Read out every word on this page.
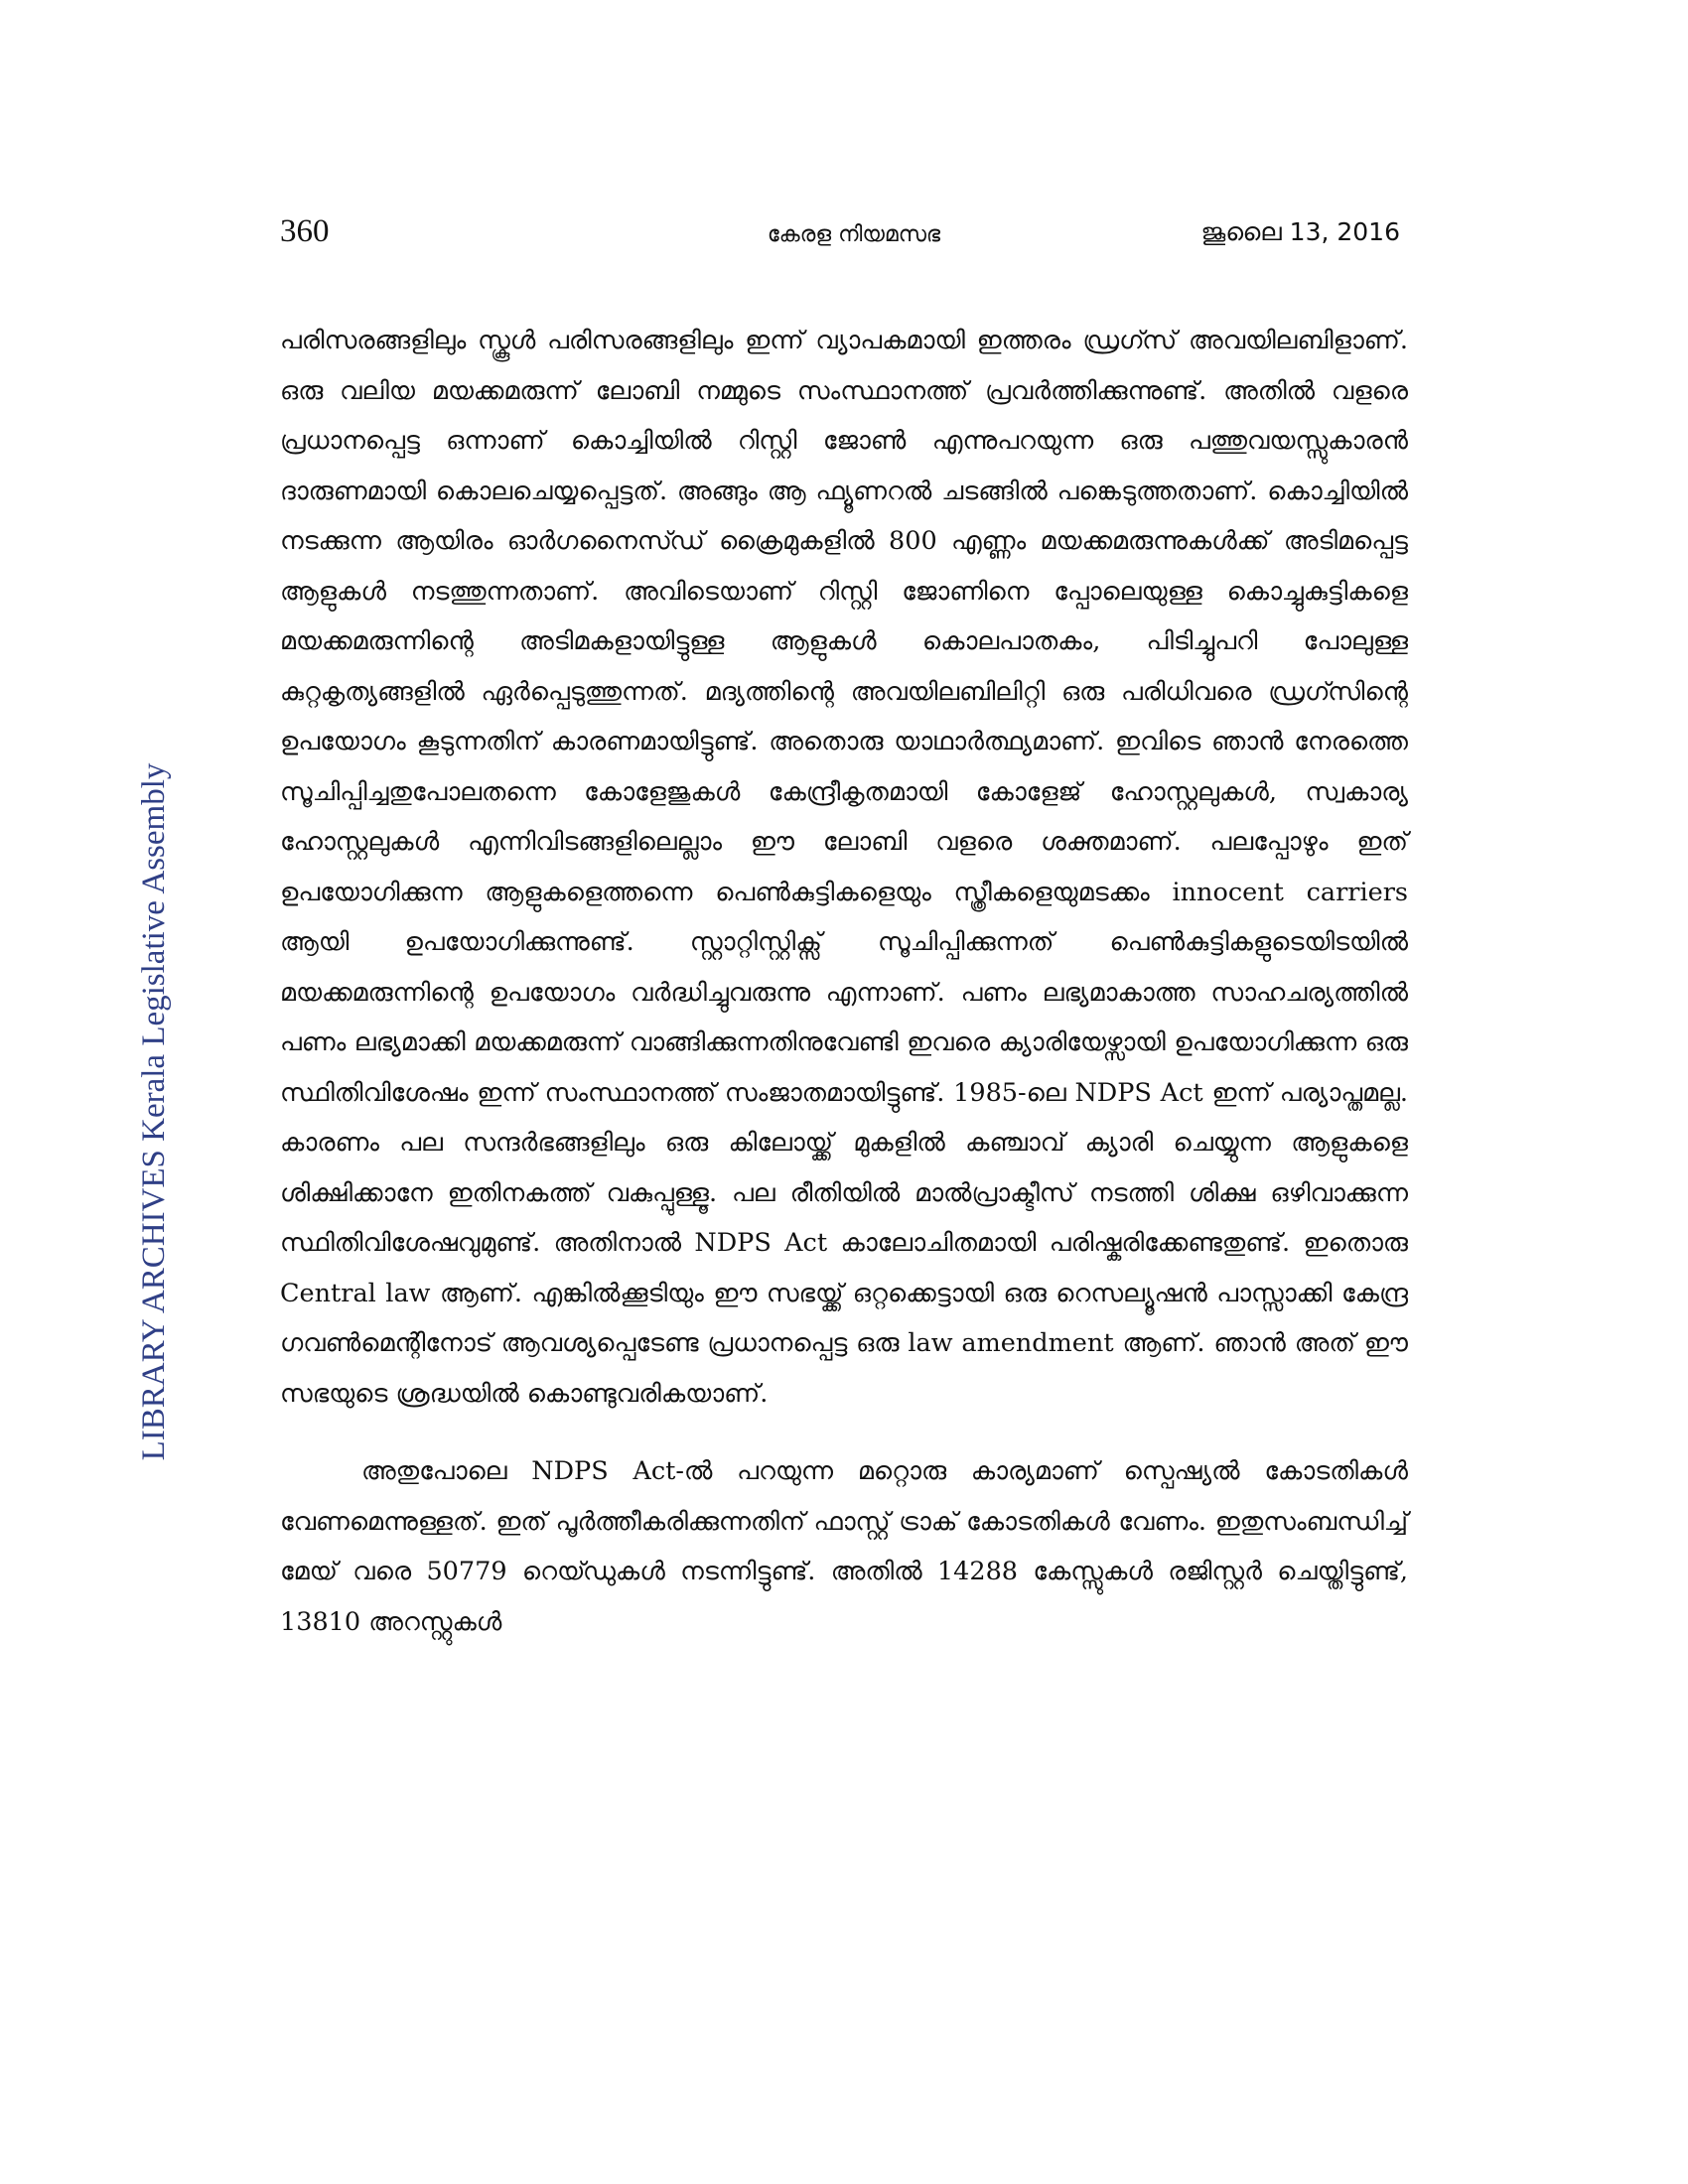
360	കേരള നിയമസഭ	ജൂലൈ 13, 2016
LIBRARY ARCHIVES Kerala Legislative Assembly

പരിസരങ്ങളിലും സ്കൂൾ പരിസരങ്ങളിലും ഇന്ന് വ്യാപകമായി ഇത്തരം ഡ്രഗ്സ് അവയിലബിളാണ്. ഒരു വലിയ മയക്കമരുന്ന് ലോബി നമ്മുടെ സംസ്ഥാനത്ത് പ്രവർത്തിക്കുന്നുണ്ട്. അതിൽ വളരെ പ്രധാനപ്പെട്ട ഒന്നാണ് കൊച്ചിയിൽ റിസ്റ്റി ജോൺ എന്നുപറയുന്ന ഒരു പത്തുവയസ്സുകാരൻ ദാരുണമായി കൊലചെയ്യപ്പെട്ടത്. അങ്ങും ആ ഫ്യൂണറൽ ചടങ്ങിൽ പങ്കെടുത്തതാണ്. കൊച്ചിയിൽ നടക്കുന്ന ആയിരം ഓർഗനൈസ്ഡ് ക്രൈമുകളിൽ 800 എണ്ണം മയക്കമരുന്നുകൾക്ക് അടിമപ്പെട്ട ആളുകൾ നടത്തുന്നതാണ്. അവിടെയാണ് റിസ്റ്റി ജോണിനെ പ്പോലെയുള്ള കൊച്ചുകുട്ടികളെ മയക്കമരുന്നിന്റെ അടിമകളായിട്ടുള്ള ആളുകൾ കൊലപാതകം, പിടിച്ചുപറി പോലുള്ള കുറ്റകൃത്യങ്ങളിൽ ഏർപ്പെടുത്തുന്നത്. മദ്യത്തിന്റെ അവയിലബിലിറ്റി ഒരു പരിധിവരെ ഡ്രഗ്സിന്റെ ഉപയോഗം കൂടുന്നതിന് കാരണമായിട്ടുണ്ട്. അതൊരു യാഥാർത്ഥ്യമാണ്. ഇവിടെ ഞാൻ നേരത്തെ സൂചിപ്പിച്ചതുപോലതന്നെ കോളേജുകൾ കേന്ദ്രീകൃതമായി കോളേജ് ഹോസ്റ്റലുകൾ, സ്വകാര്യ ഹോസ്റ്റലുകൾ എന്നിവിടങ്ങളിലെല്ലാം ഈ ലോബി വളരെ ശക്തമാണ്. പലപ്പോഴും ഇത് ഉപയോഗിക്കുന്ന ആളുകളെത്തന്നെ പെൺകുട്ടികളെയും സ്ത്രീകളെയുമടക്കം innocent carriers ആയി ഉപയോഗിക്കുന്നുണ്ട്. സ്റ്റാറ്റിസ്റ്റിക്സ് സൂചിപ്പിക്കുന്നത് പെൺകുട്ടികളുടെയിടയിൽ മയക്കമരുന്നിന്റെ ഉപയോഗം വർദ്ധിച്ചുവരുന്നു എന്നാണ്. പണം ലഭ്യമാകാത്ത സാഹചര്യത്തിൽ പണം ലഭ്യമാക്കി മയക്കമരുന്ന് വാങ്ങിക്കുന്നതിനുവേണ്ടി ഇവരെ ക്യാരിയേഴ്സായി ഉപയോഗിക്കുന്ന ഒരു സ്ഥിതിവിശേഷം ഇന്ന് സംസ്ഥാനത്ത് സംജാതമായിട്ടുണ്ട്. 1985-ലെ NDPS Act ഇന്ന് പര്യാപ്തമല്ല. കാരണം പല സന്ദർഭങ്ങളിലും ഒരു കിലോയ്ക്ക് മുകളിൽ കഞ്ചാവ് ക്യാരി ചെയ്യുന്ന ആളുകളെ ശിക്ഷിക്കാനേ ഇതിനകത്ത് വകുപ്പുള്ളൂ. പല രീതിയിൽ മാൽപ്രാക്ടീസ് നടത്തി ശിക്ഷ ഒഴിവാക്കുന്ന സ്ഥിതിവിശേഷവുമുണ്ട്. അതിനാൽ NDPS Act കാലോചിതമായി പരിഷ്കരിക്കേണ്ടതുണ്ട്. ഇതൊരു Central law ആണ്. എങ്കിൽക്കൂടിയും ഈ സഭയ്ക്ക് ഒറ്റക്കെട്ടായി ഒരു റെസല്യൂഷൻ പാസ്സാക്കി കേന്ദ്ര ഗവൺമെന്റിനോട് ആവശ്യപ്പെടേണ്ട പ്രധാനപ്പെട്ട ഒരു law amendment ആണ്. ഞാൻ അത് ഈ സഭയുടെ ശ്രദ്ധയിൽ കൊണ്ടുവരികയാണ്.

അതുപോലെ NDPS Act-ൽ പറയുന്ന മറ്റൊരു കാര്യമാണ് സ്പെഷ്യൽ കോടതികൾ വേണമെന്നുള്ളത്. ഇത് പൂർത്തീകരിക്കുന്നതിന് ഫാസ്റ്റ് ട്രാക് കോടതികൾ വേണം. ഇതുസംബന്ധിച്ച് മേയ് വരെ 50779 റെയ്ഡുകൾ നടന്നിട്ടുണ്ട്. അതിൽ 14288 കേസ്സുകൾ രജിസ്റ്റർ ചെയ്തിട്ടുണ്ട്, 13810 അറസ്റ്റുകൾ
